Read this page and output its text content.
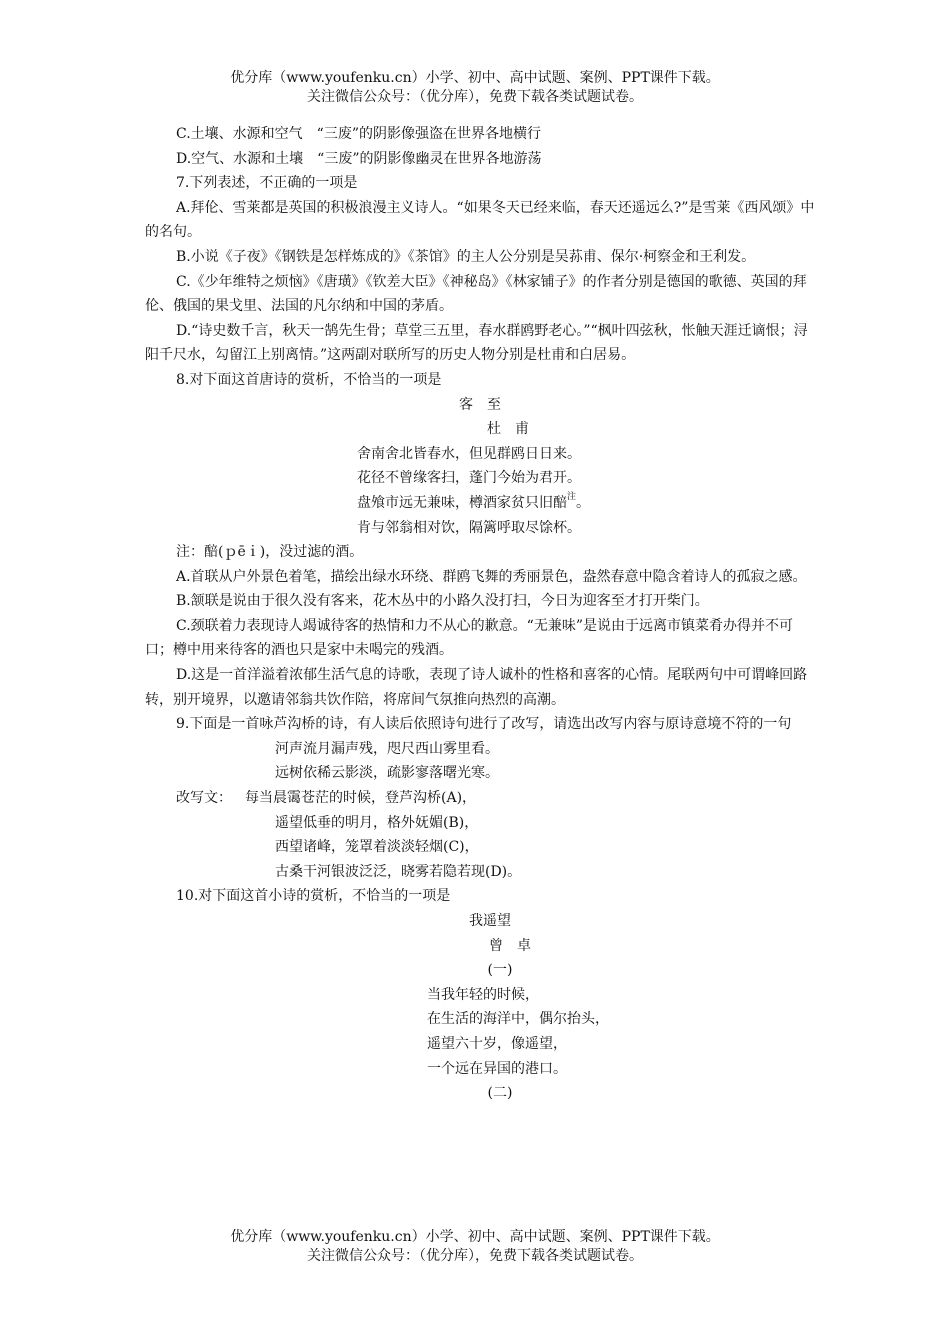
优分库（www.youfenku.cn）小学、初中、高中试题、案例、PPT课件下载。
关注微信公众号：（优分库），免费下载各类试题试卷。

C.土壤、水源和空气　“三废”的阴影像强盗在世界各地横行

D.空气、水源和土壤　“三废”的阴影像幽灵在世界各地游荡

7.下列表述，不正确的一项是

A.拜伦、雪莱都是英国的积极浪漫主义诗人。“如果冬天已经来临，春天还遥远么?”是雪莱《西风颂》中的名句。

B.小说《子夜》《钢铁是怎样炼成的》《茶馆》的主人公分别是吴荪甫、保尔·柯察金和王利发。

C.《少年维特之烦恼》《唐璜》《钦差大臣》《神秘岛》《林家铺子》的作者分别是德国的歌德、英国的拜伦、俄国的果戈里、法国的凡尔纳和中国的茅盾。

D.“诗史数千言，秋天一鹄先生骨；草堂三五里，春水群鸥野老心。”“枫叶四弦秋，怅触天涯迁谪恨；浔阳千尺水，勾留江上别离情。”这两副对联所写的历史人物分别是杜甫和白居易。

8.对下面这首唐诗的赏析，不恰当的一项是

客　至

杜　甫

舍南舍北皆春水，但见群鸥日日来。

花径不曾缘客扫，蓬门今始为君开。

盘飧市远无兼味，樽酒家贫只旧醅$^注$。

肯与邻翁相对饮，隔篱呼取尽馀杯。

注：醅(ｐēｉ)，没过滤的酒。

A.首联从户外景色着笔，描绘出绿水环绕、群鸥飞舞的秀丽景色，盎然春意中隐含着诗人的孤寂之感。

B.颔联是说由于很久没有客来，花木丛中的小路久没打扫，今日为迎客至才打开柴门。

C.颈联着力表现诗人竭诚待客的热情和力不从心的歉意。“无兼味”是说由于远离市镇菜肴办得并不可口；樽中用来待客的酒也只是家中未喝完的残酒。

D.这是一首洋溢着浓郁生活气息的诗歌，表现了诗人诚朴的性格和喜客的心情。尾联两句中可谓峰回路转，别开境界，以邀请邻翁共饮作陪，将席间气氛推向热烈的高潮。

9.下面是一首咏芦沟桥的诗，有人读后依照诗句进行了改写，请选出改写内容与原诗意境不符的一句

河声流月漏声残，咫尺西山雾里看。

远树依稀云影淡，疏影寥落曙光寒。

改写文： 每当晨霭苍茫的时候，登芦沟桥(A)，

遥望低垂的明月，格外妩媚(B)，

西望诸峰，笼罩着淡淡轻烟(C)，

古桑干河银波泛泛，晓雾若隐若现(D)。

10.对下面这首小诗的赏析，不恰当的一项是

我遥望

曾　卓

(一)

当我年轻的时候，

在生活的海洋中，偶尔抬头，

遥望六十岁，像遥望，

一个远在异国的港口。

(二)

优分库（www.youfenku.cn）小学、初中、高中试题、案例、PPT课件下载。
关注微信公众号：（优分库），免费下载各类试题试卷。
